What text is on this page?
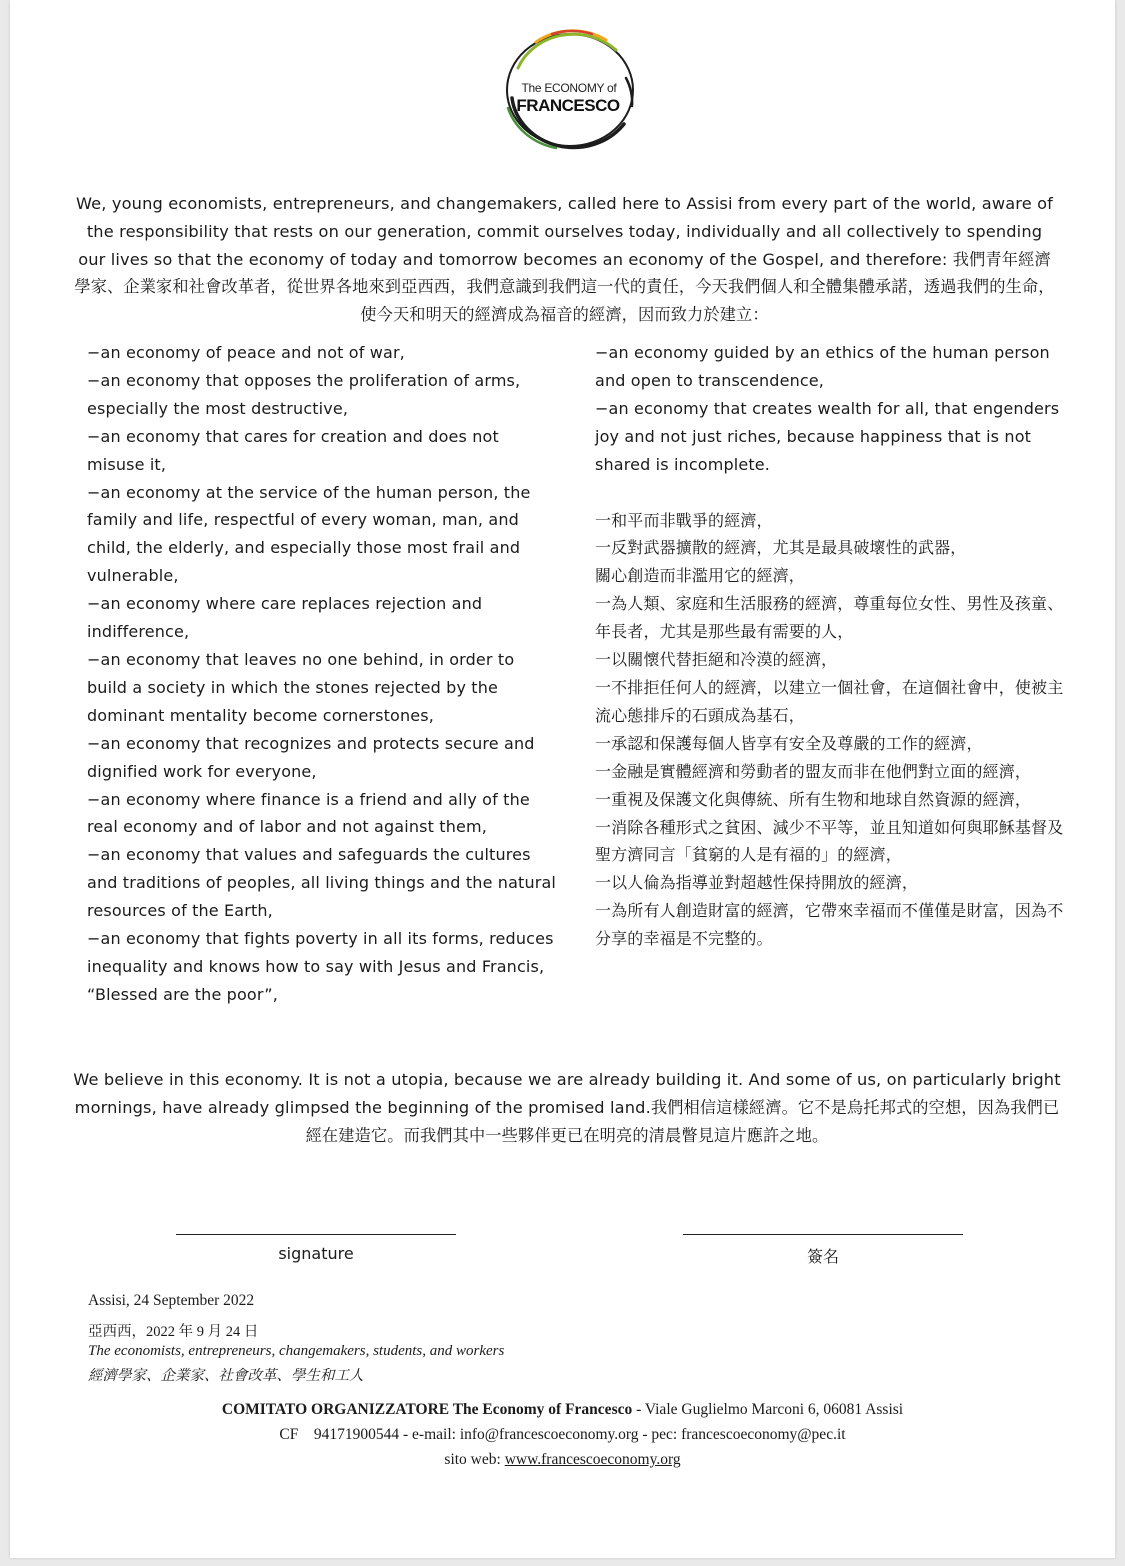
The ECONOMY of
FRANCESCO
We, young economists, entrepreneurs, and changemakers, called here to Assisi from every part of the world, aware of the responsibility that rests on our generation, commit ourselves today, individually and all collectively to spending our lives so that the economy of today and tomorrow becomes an economy of the Gospel, and therefore: 我們青年經濟學家、企業家和社會改革者，從世界各地來到亞西西，我們意識到我們這一代的責任，今天我們個人和全體集體承諾，透過我們的生命，使今天和明天的經濟成為福音的經濟，因而致力於建立：
−an economy of peace and not of war,
−an economy that opposes the proliferation of arms, especially the most destructive,
−an economy that cares for creation and does not misuse it,
−an economy at the service of the human person, the family and life, respectful of every woman, man, and child, the elderly, and especially those most frail and vulnerable,
−an economy where care replaces rejection and indifference,
−an economy that leaves no one behind, in order to build a society in which the stones rejected by the dominant mentality become cornerstones,
−an economy that recognizes and protects secure and dignified work for everyone,
−an economy where finance is a friend and ally of the real economy and of labor and not against them,
−an economy that values and safeguards the cultures and traditions of peoples, all living things and the natural resources of the Earth,
−an economy that fights poverty in all its forms, reduces inequality and knows how to say with Jesus and Francis, “Blessed are the poor”,
−an economy guided by an ethics of the human person and open to transcendence,
−an economy that creates wealth for all, that engenders joy and not just riches, because happiness that is not shared is incomplete.
一和平而非戰爭的經濟，
一反對武器擴散的經濟，尤其是最具破壞性的武器，
關心創造而非濫用它的經濟，
一為人類、家庭和生活服務的經濟，尊重每位女性、男性及孩童、年長者，尤其是那些最有需要的人，
一以關懷代替拒絕和冷漠的經濟，
一不排拒任何人的經濟，以建立一個社會，在這個社會中，使被主流心態排斥的石頭成為基石，
一承認和保護每個人皆享有安全及尊嚴的工作的經濟，
一金融是實體經濟和勞動者的盟友而非在他們對立面的經濟，
一重視及保護文化與傳統、所有生物和地球自然資源的經濟，
一消除各種形式之貧困、減少不平等，並且知道如何與耶穌基督及聖方濟同言「貧窮的人是有福的」的經濟，
一以人倫為指導並對超越性保持開放的經濟，
一為所有人創造財富的經濟，它帶來幸福而不僅僅是財富，因為不分享的幸福是不完整的。
We believe in this economy. It is not a utopia, because we are already building it. And some of us, on particularly bright mornings, have already glimpsed the beginning of the promised land.我們相信這樣經濟。它不是烏托邦式的空想，因為我們已經在建造它。而我們其中一些夥伴更已在明亮的清晨瞥見這片應許之地。
signature	簽名
Assisi, 24 September 2022
亞西西，2022 年 9 月 24 日
The economists, entrepreneurs, changemakers, students, and workers
經濟學家、企業家、社會改革、學生和工人
COMITATO ORGANIZZATORE The Economy of Francesco - Viale Guglielmo Marconi 6, 06081 Assisi
CF    94171900544 - e-mail: info@francescoeconomy.org - pec: francescoeconomy@pec.it
sito web: www.francescoeconomy.org
